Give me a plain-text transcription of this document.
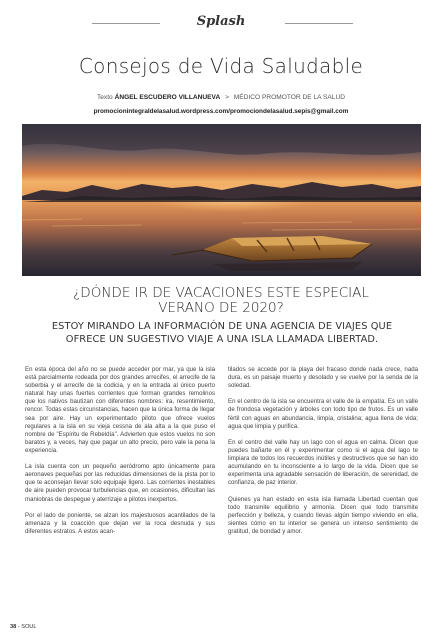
Splash
Consejos de Vida Saludable
Texto ÁNGEL ESCUDERO VILLANUEVA > MÉDICO PROMOTOR DE LA SALUD
promocionintegraldelasalud.wordpress.com/promociondelasalud.sepis@gmail.com
¿DÓNDE IR DE VACACIONES ESTE ESPECIAL
VERANO DE 2020?

ESTOY MIRANDO LA INFORMACIÓN DE UNA AGENCIA DE VIAJES QUE
OFRECE UN SUGESTIVO VIAJE A UNA ISLA LLAMADA LIBERTAD.

En esta época del año no se puede acceder por mar, ya que la isla está parcialmente rodeada por dos grandes arrecifes, el arrecife de la soberbia y el arrecife de la codicia, y en la entrada al único puerto natural hay unas fuertes corrientes que forman grandes remolinos que los nativos bautizan con diferentes nombres: ira, resentimiento, rencor. Todas estas circunstancias, hacen que la única forma de llegar sea por aire. Hay un experimentado piloto que ofrece vuelos regulares a la isla en su vieja cessna de ala alta a la que puso el nombre de "Espíritu de Rebeldía". Advierten que estos vuelos no son baratos y, a veces, hay que pagar un alto precio, pero vale la pena la experiencia.

La isla cuenta con un pequeño aeródromo apto únicamente para aeronaves pequeñas por las reducidas dimensiones de la pista por lo que te aconsejan llevar solo equipaje ligero. Las corrientes inestables de aire pueden provocar turbulencias que, en ocasiones, dificultan las maniobras de despegue y aterrizaje a pilotos inexpertos.

Por el lado de poniente, se alzan los majestuosos acantilados de la amenaza y la coacción que dejan ver la roca desnuda y sus diferentes estratos. A estos acan-

tilados se accede por la playa del fracaso donde nada crece, nada dura, es un paisaje muerto y desolado y se vuelve por la senda de la soledad.

En el centro de la isla se encuentra el valle de la empatía. Es un valle de frondosa vegetación y árboles con todo tipo de frutos. Es un valle fértil con aguas en abundancia, limpia, cristalina; agua llena de vida; agua que limpia y purifica.

En el centro del valle hay un lago con el agua en calma. Dicen que puedes bañarte en él y experimentar como si el agua del lago te limpiara de todos los recuerdos inútiles y destructivos que se han ido acumulando en tu inconsciente a lo largo de la vida. Dicen que se experimenta una agradable sensación de liberación, de serenidad, de confianza, de paz interior.

Quienes ya han estado en esta isla llamada Libertad cuentan que todo transmite equilibrio y armonía. Dicen que todo transmite perfección y belleza, y cuando llevas algún tiempo viviendo en ella, sientes cómo en tu interior se genera un intenso sentimiento de gratitud, de bondad y amor.

38 - SOUL
